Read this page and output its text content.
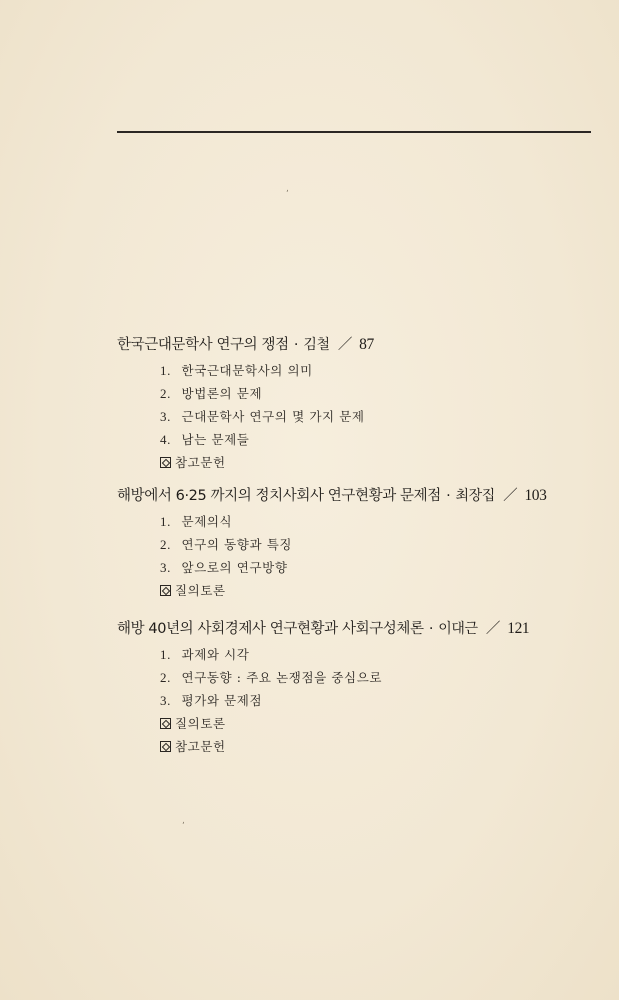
,
,
한국근대문학사 연구의 쟁점 · 김철 ／ 87
1. 한국근대문학사의 의미
2. 방법론의 문제
3. 근대문학사 연구의 몇 가지 문제
4. 남는 문제들
참고문헌
해방에서 6·25 까지의 정치사회사 연구현황과 문제점 · 최장집 ／ 103
1. 문제의식
2. 연구의 동향과 특징
3. 앞으로의 연구방향
질의토론
해방 40년의 사회경제사 연구현황과 사회구성체론 · 이대근 ／ 121
1. 과제와 시각
2. 연구동향 : 주요 논쟁점을 중심으로
3. 평가와 문제점
질의토론
참고문헌
